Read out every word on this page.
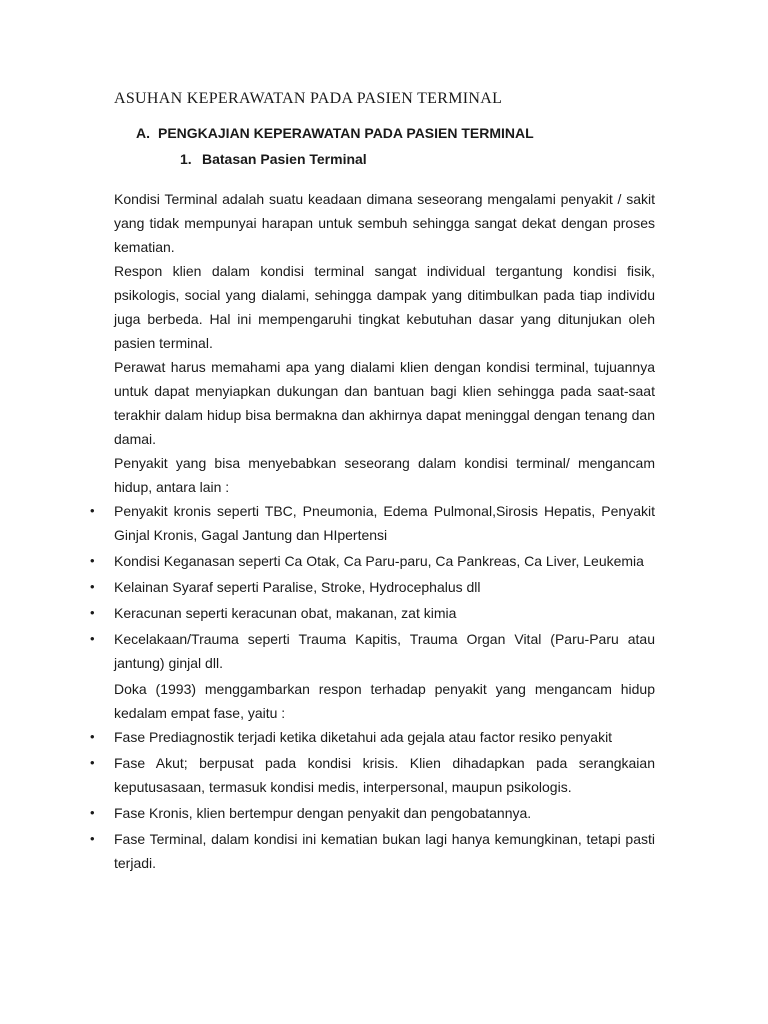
ASUHAN KEPERAWATAN PADA PASIEN TERMINAL
A. PENGKAJIAN KEPERAWATAN PADA PASIEN TERMINAL
1. Batasan Pasien Terminal

Kondisi Terminal adalah suatu keadaan dimana seseorang mengalami penyakit / sakit yang tidak mempunyai harapan untuk sembuh sehingga sangat dekat dengan proses kematian.

Respon klien dalam kondisi terminal sangat individual tergantung kondisi fisik, psikologis, social yang dialami, sehingga dampak yang ditimbulkan pada tiap individu juga berbeda. Hal ini mempengaruhi tingkat kebutuhan dasar yang ditunjukan oleh pasien terminal.

Perawat harus memahami apa yang dialami klien dengan kondisi terminal, tujuannya untuk dapat menyiapkan dukungan dan bantuan bagi klien sehingga pada saat-saat terakhir dalam hidup bisa bermakna dan akhirnya dapat meninggal dengan tenang dan damai.

Penyakit yang bisa menyebabkan seseorang dalam kondisi terminal/ mengancam hidup, antara lain :

• Penyakit kronis seperti TBC, Pneumonia, Edema Pulmonal,Sirosis Hepatis, Penyakit Ginjal Kronis, Gagal Jantung dan HIpertensi
• Kondisi Keganasan seperti Ca Otak, Ca Paru-paru, Ca Pankreas, Ca Liver, Leukemia
• Kelainan Syaraf seperti Paralise, Stroke, Hydrocephalus dll
• Keracunan seperti keracunan obat, makanan, zat kimia
• Kecelakaan/Trauma seperti Trauma Kapitis, Trauma Organ Vital (Paru-Paru atau jantung) ginjal dll.

Doka (1993) menggambarkan respon terhadap penyakit yang mengancam hidup kedalam empat fase, yaitu :

• Fase Prediagnostik terjadi ketika diketahui ada gejala atau factor resiko penyakit
• Fase Akut; berpusat pada kondisi krisis. Klien dihadapkan pada serangkaian keputusasaan, termasuk kondisi medis, interpersonal, maupun psikologis.
• Fase Kronis, klien bertempur dengan penyakit dan pengobatannya.
• Fase Terminal, dalam kondisi ini kematian bukan lagi hanya kemungkinan, tetapi pasti terjadi.
